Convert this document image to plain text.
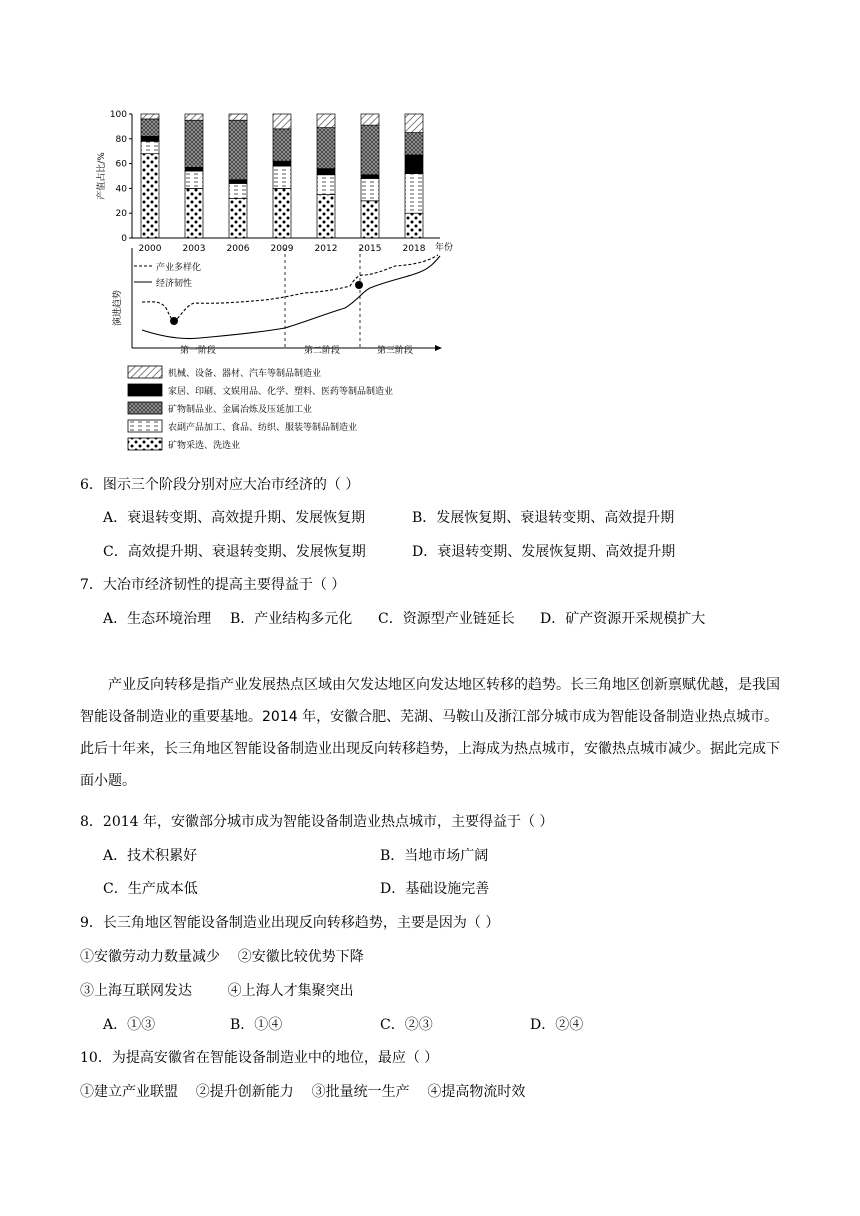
0
20
40
60
80
100
2000 2003 2006 2009 2012 2015 2018 年份
产值占比/%
演进趋势
产业多样化
经济韧性
第一阶段	第二阶段	第三阶段
机械、设备、器材、汽车等制品制造业
家居、印刷、文娱用品、化学、塑料、医药等制品制造业
矿物制品业、金属冶炼及压延加工业
农副产品加工、食品、纺织、服装等制品制造业
矿物采选、洗选业
6．图示三个阶段分别对应大冶市经济的（ ）
A．衰退转变期、高效提升期、发展恢复期	B．发展恢复期、衰退转变期、高效提升期
C．高效提升期、衰退转变期、发展恢复期	D．衰退转变期、发展恢复期、高效提升期
7．大冶市经济韧性的提高主要得益于（ ）
A．生态环境治理 B．产业结构多元化 C．资源型产业链延长 D．矿产资源开采规模扩大
产业反向转移是指产业发展热点区域由欠发达地区向发达地区转移的趋势。长三角地区创新禀赋优越，是我国智能设备制造业的重要基地。2014 年，安徽合肥、芜湖、马鞍山及浙江部分城市成为智能设备制造业热点城市。此后十年来，长三角地区智能设备制造业出现反向转移趋势，上海成为热点城市，安徽热点城市减少。据此完成下面小题。
8．2014 年，安徽部分城市成为智能设备制造业热点城市，主要得益于（ ）
A．技术积累好	B．当地市场广阔
C．生产成本低	D．基础设施完善
9．长三角地区智能设备制造业出现反向转移趋势，主要是因为（ ）
①安徽劳动力数量减少    ②安徽比较优势下降
③上海互联网发达        ④上海人才集聚突出
A．①③	B．①④	C．②③	D．②④
10．为提高安徽省在智能设备制造业中的地位，最应（ ）
①建立产业联盟    ②提升创新能力    ③批量统一生产    ④提高物流时效
